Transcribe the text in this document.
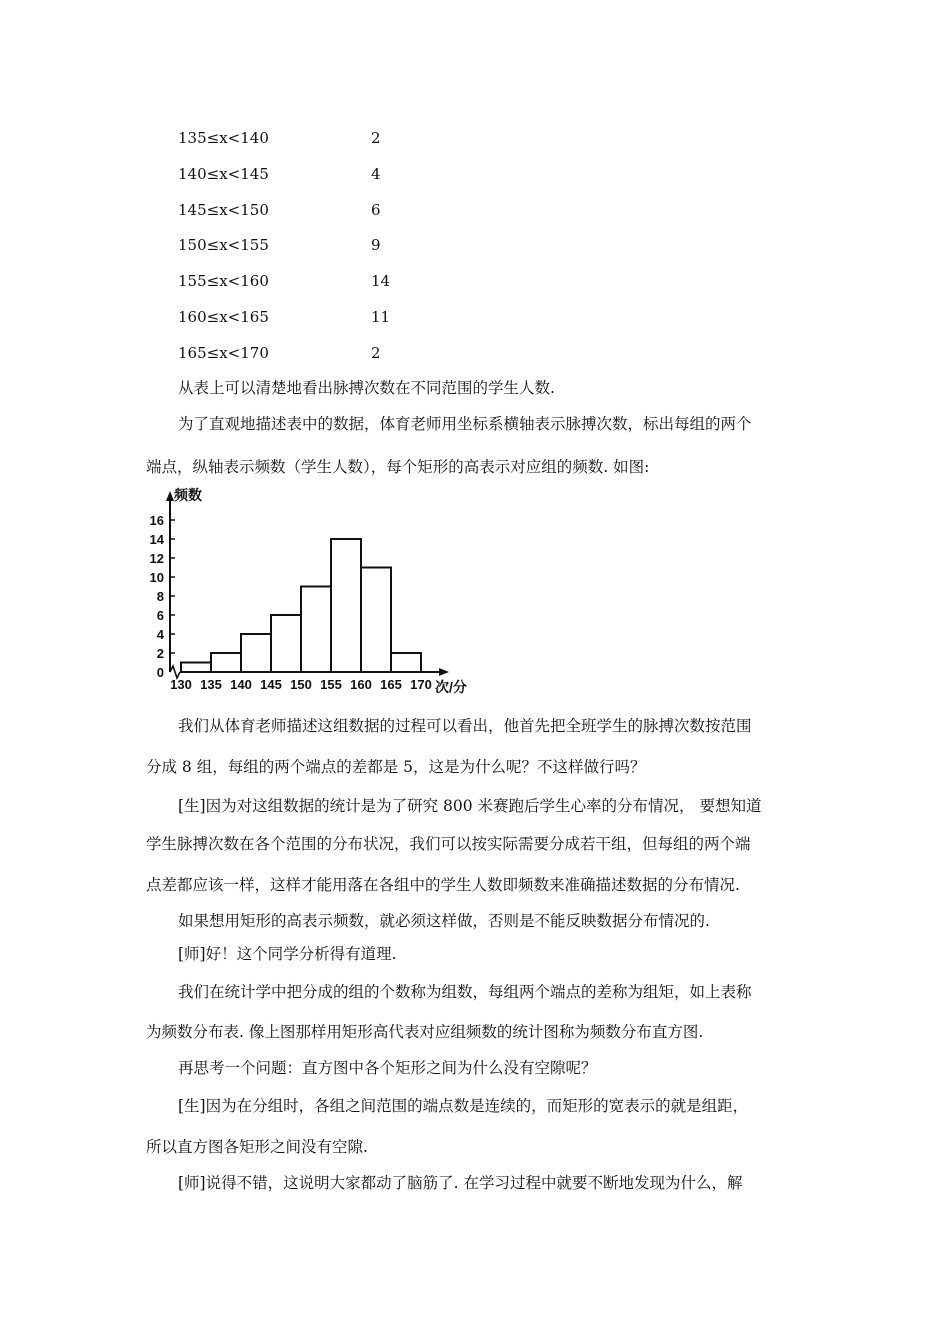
135≤x<140	2
140≤x<145	4
145≤x<150	6
150≤x<155	9
155≤x<160	14
160≤x<165	11
165≤x<170	2
从表上可以清楚地看出脉搏次数在不同范围的学生人数.
为了直观地描述表中的数据，体育老师用坐标系横轴表示脉搏次数，标出每组的两个
端点，纵轴表示频数（学生人数），每个矩形的高表示对应组的频数. 如图:
0
2
4
6
8
10
12
14
16
130 135 140 145 150 155 160 165 170
频数
次/分
我们从体育老师描述这组数据的过程可以看出，他首先把全班学生的脉搏次数按范围
分成 8 组，每组的两个端点的差都是 5，这是为什么呢？不这样做行吗？
[生]因为对这组数据的统计是为了研究 800 米赛跑后学生心率的分布情况， 要想知道
学生脉搏次数在各个范围的分布状况，我们可以按实际需要分成若干组，但每组的两个端
点差都应该一样，这样才能用落在各组中的学生人数即频数来准确描述数据的分布情况.
如果想用矩形的高表示频数，就必须这样做，否则是不能反映数据分布情况的.
[师]好！这个同学分析得有道理.
我们在统计学中把分成的组的个数称为组数，每组两个端点的差称为组矩，如上表称
为频数分布表. 像上图那样用矩形高代表对应组频数的统计图称为频数分布直方图.
再思考一个问题：直方图中各个矩形之间为什么没有空隙呢？
[生]因为在分组时，各组之间范围的端点数是连续的，而矩形的宽表示的就是组距，
所以直方图各矩形之间没有空隙.
[师]说得不错，这说明大家都动了脑筋了. 在学习过程中就要不断地发现为什么，解
